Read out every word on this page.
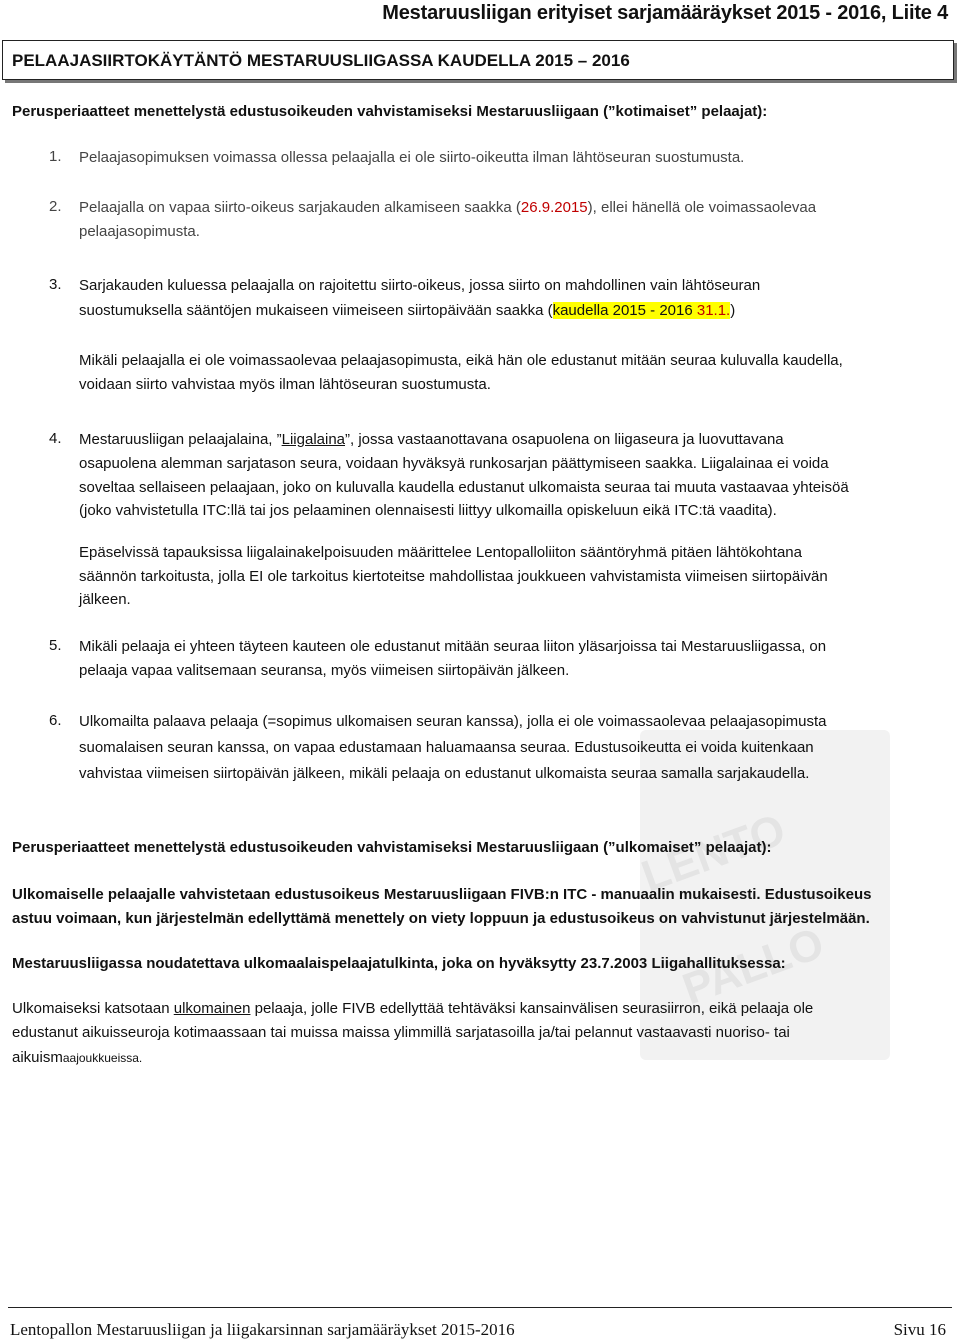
LENTO
PALLO
Mestaruusliigan erityiset sarjamääräykset 2015 - 2016, Liite 4
PELAAJASIIRTOKÄYTÄNTÖ MESTARUUSLIIGASSA KAUDELLA 2015 – 2016
Perusperiaatteet menettelystä edustusoikeuden vahvistamiseksi Mestaruusliigaan (”kotimaiset” pelaajat):
1. Pelaajasopimuksen voimassa ollessa pelaajalla ei ole siirto-oikeutta ilman lähtöseuran suostumusta.
2. Pelaajalla on vapaa siirto-oikeus sarjakauden alkamiseen saakka (26.9.2015), ellei hänellä ole voimassaolevaa
pelaajasopimusta.
3. Sarjakauden kuluessa pelaajalla on rajoitettu siirto-oikeus, jossa siirto on mahdollinen vain lähtöseuran
suostumuksella sääntöjen mukaiseen viimeiseen siirtopäivään saakka (kaudella 2015 - 2016 31.1.)
Mikäli pelaajalla ei ole voimassaolevaa pelaajasopimusta, eikä hän ole edustanut mitään seuraa kuluvalla kaudella,
voidaan siirto vahvistaa myös ilman lähtöseuran suostumusta.
4. Mestaruusliigan pelaajalaina, ”Liigalaina”, jossa vastaanottavana osapuolena on liigaseura ja luovuttavana
osapuolena alemman sarjatason seura, voidaan hyväksyä runkosarjan päättymiseen saakka. Liigalainaa ei voida
soveltaa sellaiseen pelaajaan, joko on kuluvalla kaudella edustanut ulkomaista seuraa tai muuta vastaavaa yhteisöä
(joko vahvistetulla ITC:llä tai jos pelaaminen olennaisesti liittyy ulkomailla opiskeluun eikä ITC:tä vaadita).
Epäselvissä tapauksissa liigalainakelpoisuuden määrittelee Lentopalloliiton sääntöryhmä pitäen lähtökohtana
säännön tarkoitusta, jolla EI ole tarkoitus kiertoteitse mahdollistaa joukkueen vahvistamista viimeisen siirtopäivän
jälkeen.
5. Mikäli pelaaja ei yhteen täyteen kauteen ole edustanut mitään seuraa liiton yläsarjoissa tai Mestaruusliigassa, on
pelaaja vapaa valitsemaan seuransa, myös viimeisen siirtopäivän jälkeen.
6. Ulkomailta palaava pelaaja (=sopimus ulkomaisen seuran kanssa), jolla ei ole voimassaolevaa pelaajasopimusta
suomalaisen seuran kanssa, on vapaa edustamaan haluamaansa seuraa. Edustusoikeutta ei voida kuitenkaan
vahvistaa viimeisen siirtopäivän jälkeen, mikäli pelaaja on edustanut ulkomaista seuraa samalla sarjakaudella.
Perusperiaatteet menettelystä edustusoikeuden vahvistamiseksi Mestaruusliigaan (”ulkomaiset” pelaajat):
Ulkomaiselle pelaajalle vahvistetaan edustusoikeus Mestaruusliigaan FIVB:n ITC - manuaalin mukaisesti. Edustusoikeus
astuu voimaan, kun järjestelmän edellyttämä menettely on viety loppuun ja edustusoikeus on vahvistunut järjestelmään.
Mestaruusliigassa noudatettava ulkomaalaispelaajatulkinta, joka on hyväksytty 23.7.2003 Liigahallituksessa:
Ulkomaiseksi katsotaan ulkomainen pelaaja, jolle FIVB edellyttää tehtäväksi kansainvälisen seurasiirron, eikä pelaaja ole
edustanut aikuisseuroja kotimaassaan tai muissa maissa ylimmillä sarjatasoilla ja/tai pelannut vastaavasti nuoriso- tai
aikuismaajoukkueissa.
Lentopallon Mestaruusliigan ja liigakarsinnan sarjamääräykset 2015-2016	Sivu 16
